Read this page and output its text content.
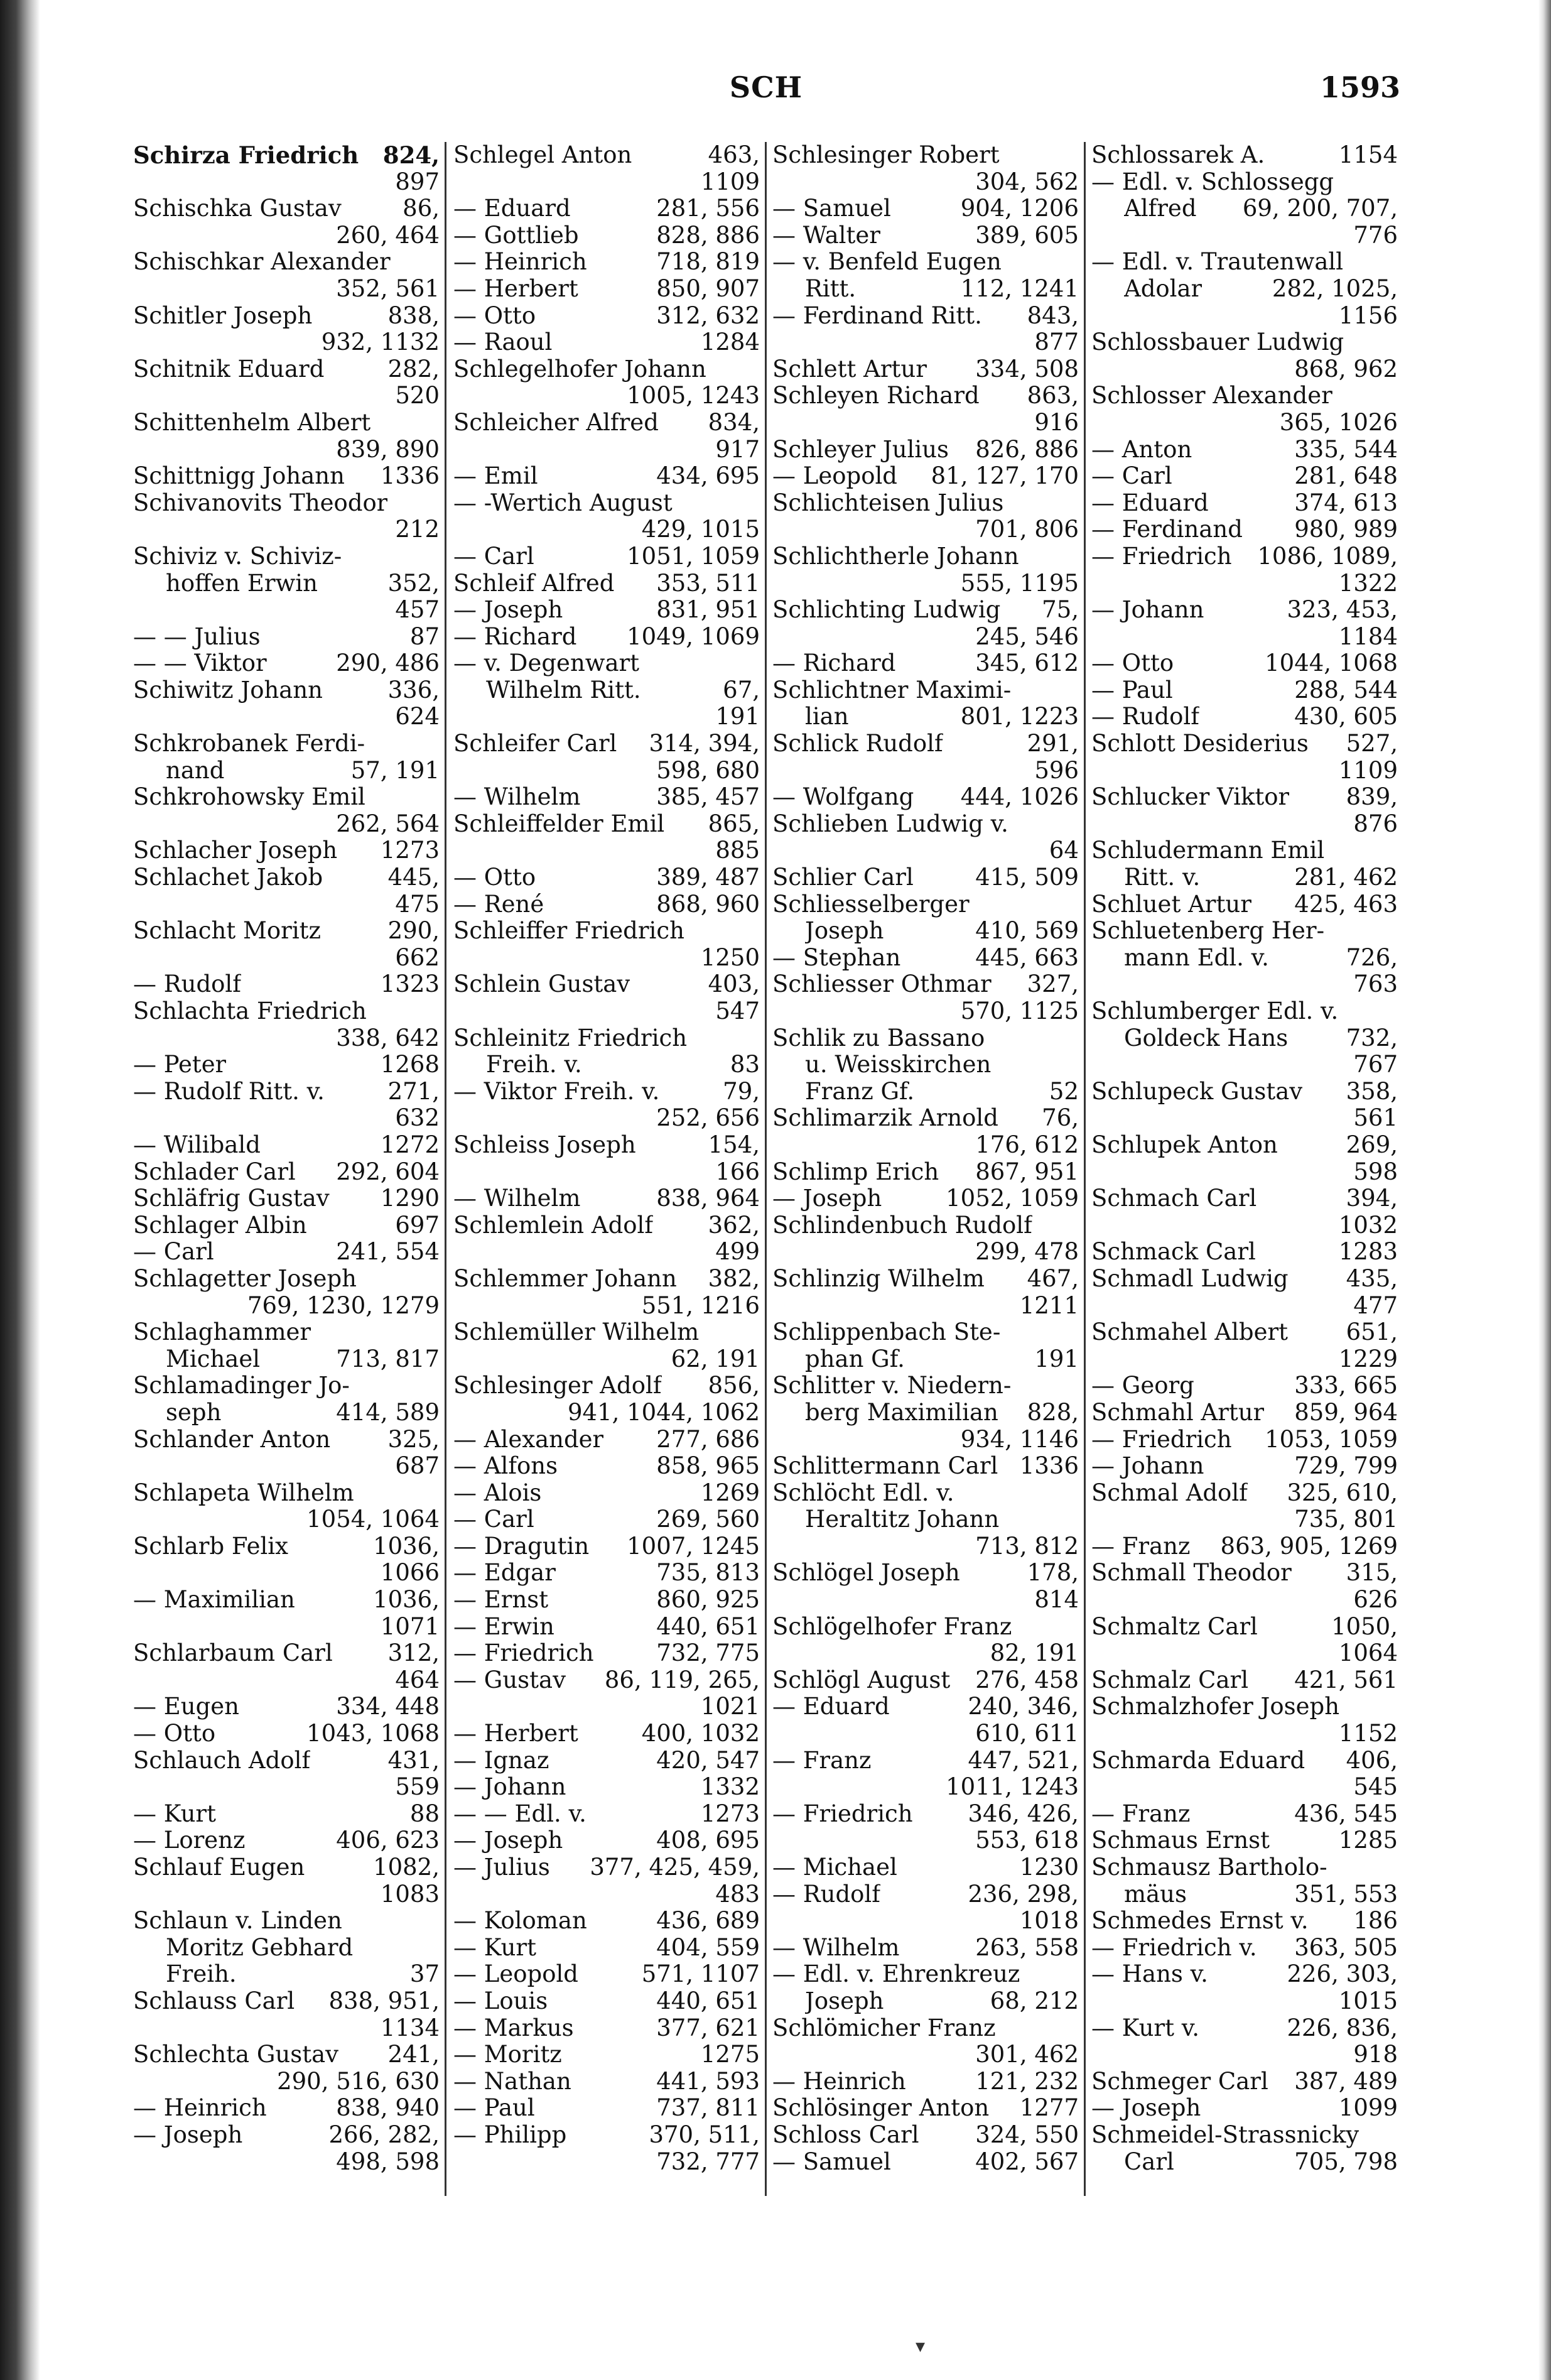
SCH	1593
Schirza Friedrich 824,
897
Schischka Gustav	86,
260, 464
Schischkar Alexander
352, 561
Schitler Joseph	838,
932, 1132
Schitnik Eduard	282,
520
Schittenhelm Albert
839, 890
Schittnigg Johann 1336
Schivanovits Theodor
212
Schiviz v. Schiviz-
hoffen Erwin	352,
457
— — Julius	87
— — Viktor	290, 486
Schiwitz Johann	336,
624
Schkrobanek Ferdi-
nand	57, 191
Schkrohowsky Emil
262, 564
Schlacher Joseph 1273
Schlachet Jakob	445,
475
Schlacht Moritz	290,
662
— Rudolf	1323
Schlachta Friedrich
338, 642
— Peter	1268
— Rudolf Ritt. v.	271,
632
— Wilibald	1272
Schlader Carl 292, 604
Schläfrig Gustav 1290
Schlager Albin	697
— Carl	241, 554
Schlagetter Joseph
769, 1230, 1279
Schlaghammer
Michael	713, 817
Schlamadinger Jo-
seph	414, 589
Schlander Anton 325,
687
Schlapeta Wilhelm
1054, 1064
Schlarb Felix	1036,
1066
— Maximilian	1036,
1071
Schlarbaum Carl 312,
464
— Eugen	334, 448
— Otto	1043, 1068
Schlauch Adolf	431,
559
— Kurt	88
— Lorenz	406, 623
Schlauf Eugen	1082,
1083
Schlaun v. Linden
Moritz Gebhard
Freih.	37
Schlauss Carl 838, 951,
1134
Schlechta Gustav 241,
290, 516, 630
— Heinrich	838, 940
— Joseph	266, 282,
498, 598
Schlegel Anton	463,
1109
— Eduard	281, 556
— Gottlieb	828, 886
— Heinrich	718, 819
— Herbert	850, 907
— Otto	312, 632
— Raoul	1284
Schlegelhofer Johann
1005, 1243
Schleicher Alfred 834,
917
— Emil	434, 695
— -Wertich August
429, 1015
— Carl	1051, 1059
Schleif Alfred 353, 511
— Joseph	831, 951
— Richard 1049, 1069
— v. Degenwart
Wilhelm Ritt.	67,
191
Schleifer Carl 314, 394,
598, 680
— Wilhelm	385, 457
Schleiffelder Emil 865,
885
— Otto	389, 487
— René	868, 960
Schleiffer Friedrich
1250
Schlein Gustav	403,
547
Schleinitz Friedrich
Freih. v.	83
— Viktor Freih. v.	79,
252, 656
Schleiss Joseph	154,
166
— Wilhelm	838, 964
Schlemlein Adolf 362,
499
Schlemmer Johann 382,
551, 1216
Schlemüller Wilhelm
62, 191
Schlesinger Adolf 856,
941, 1044, 1062
— Alexander 277, 686
— Alfons	858, 965
— Alois	1269
— Carl	269, 560
— Dragutin 1007, 1245
— Edgar	735, 813
— Ernst	860, 925
— Erwin	440, 651
— Friedrich	732, 775
— Gustav 86, 119, 265,
1021
— Herbert	400, 1032
— Ignaz	420, 547
— Johann	1332
— — Edl. v.	1273
— Joseph	408, 695
— Julius 377, 425, 459,
483
— Koloman	436, 689
— Kurt	404, 559
— Leopold	571, 1107
— Louis	440, 651
— Markus	377, 621
— Moritz	1275
— Nathan	441, 593
— Paul	737, 811
— Philipp	370, 511,
732, 777
Schlesinger Robert
304, 562
— Samuel	904, 1206
— Walter	389, 605
— v. Benfeld Eugen
Ritt.	112, 1241
— Ferdinand Ritt. 843,
877
Schlett Artur 334, 508
Schleyen Richard 863,
916
Schleyer Julius 826, 886
— Leopold 81, 127, 170
Schlichteisen Julius
701, 806
Schlichtherle Johann
555, 1195
Schlichting Ludwig 75,
245, 546
— Richard	345, 612
Schlichtner Maximi-
lian	801, 1223
Schlick Rudolf	291,
596
— Wolfgang 444, 1026
Schlieben Ludwig v.
64
Schlier Carl	415, 509
Schliesselberger
Joseph	410, 569
— Stephan	445, 663
Schliesser Othmar 327,
570, 1125
Schlik zu Bassano
u. Weisskirchen
Franz Gf.	52
Schlimarzik Arnold 76,
176, 612
Schlimp Erich 867, 951
— Joseph	1052, 1059
Schlindenbuch Rudolf
299, 478
Schlinzig Wilhelm 467,
1211
Schlippenbach Ste-
phan Gf.	191
Schlitter v. Niedern-
berg Maximilian 828,
934, 1146
Schlittermann Carl 1336
Schlöcht Edl. v.
Heraltitz Johann
713, 812
Schlögel Joseph	178,
814
Schlögelhofer Franz
82, 191
Schlögl August 276, 458
— Eduard	240, 346,
610, 611
— Franz	447, 521,
1011, 1243
— Friedrich 346, 426,
553, 618
— Michael	1230
— Rudolf	236, 298,
1018
— Wilhelm	263, 558
— Edl. v. Ehrenkreuz
Joseph	68, 212
Schlömicher Franz
301, 462
— Heinrich	121, 232
Schlösinger Anton 1277
Schloss Carl 324, 550
— Samuel	402, 567
Schlossarek A.	1154
— Edl. v. Schlossegg
Alfred 69, 200, 707,
776
— Edl. v. Trautenwall
Adolar	282, 1025,
1156
Schlossbauer Ludwig
868, 962
Schlosser Alexander
365, 1026
— Anton	335, 544
— Carl	281, 648
— Eduard	374, 613
— Ferdinand 980, 989
— Friedrich 1086, 1089,
1322
— Johann	323, 453,
1184
— Otto	1044, 1068
— Paul	288, 544
— Rudolf	430, 605
Schlott Desiderius 527,
1109
Schlucker Viktor 839,
876
Schludermann Emil
Ritt. v.	281, 462
Schluet Artur 425, 463
Schluetenberg Her-
mann Edl. v.	726,
763
Schlumberger Edl. v.
Goldeck Hans 732,
767
Schlupeck Gustav 358,
561
Schlupek Anton	269,
598
Schmach Carl	394,
1032
Schmack Carl	1283
Schmadl Ludwig 435,
477
Schmahel Albert	651,
1229
— Georg	333, 665
Schmahl Artur 859, 964
— Friedrich 1053, 1059
— Johann	729, 799
Schmal Adolf 325, 610,
735, 801
— Franz 863, 905, 1269
Schmall Theodor 315,
626
Schmaltz Carl	1050,
1064
Schmalz Carl 421, 561
Schmalzhofer Joseph
1152
Schmarda Eduard 406,
545
— Franz	436, 545
Schmaus Ernst	1285
Schmausz Bartholo-
mäus	351, 553
Schmedes Ernst v. 186
— Friedrich v. 363, 505
— Hans v.	226, 303,
1015
— Kurt v.	226, 836,
918
Schmeger Carl 387, 489
— Joseph	1099
Schmeidel-Strassnicky
Carl	705, 798
▾
